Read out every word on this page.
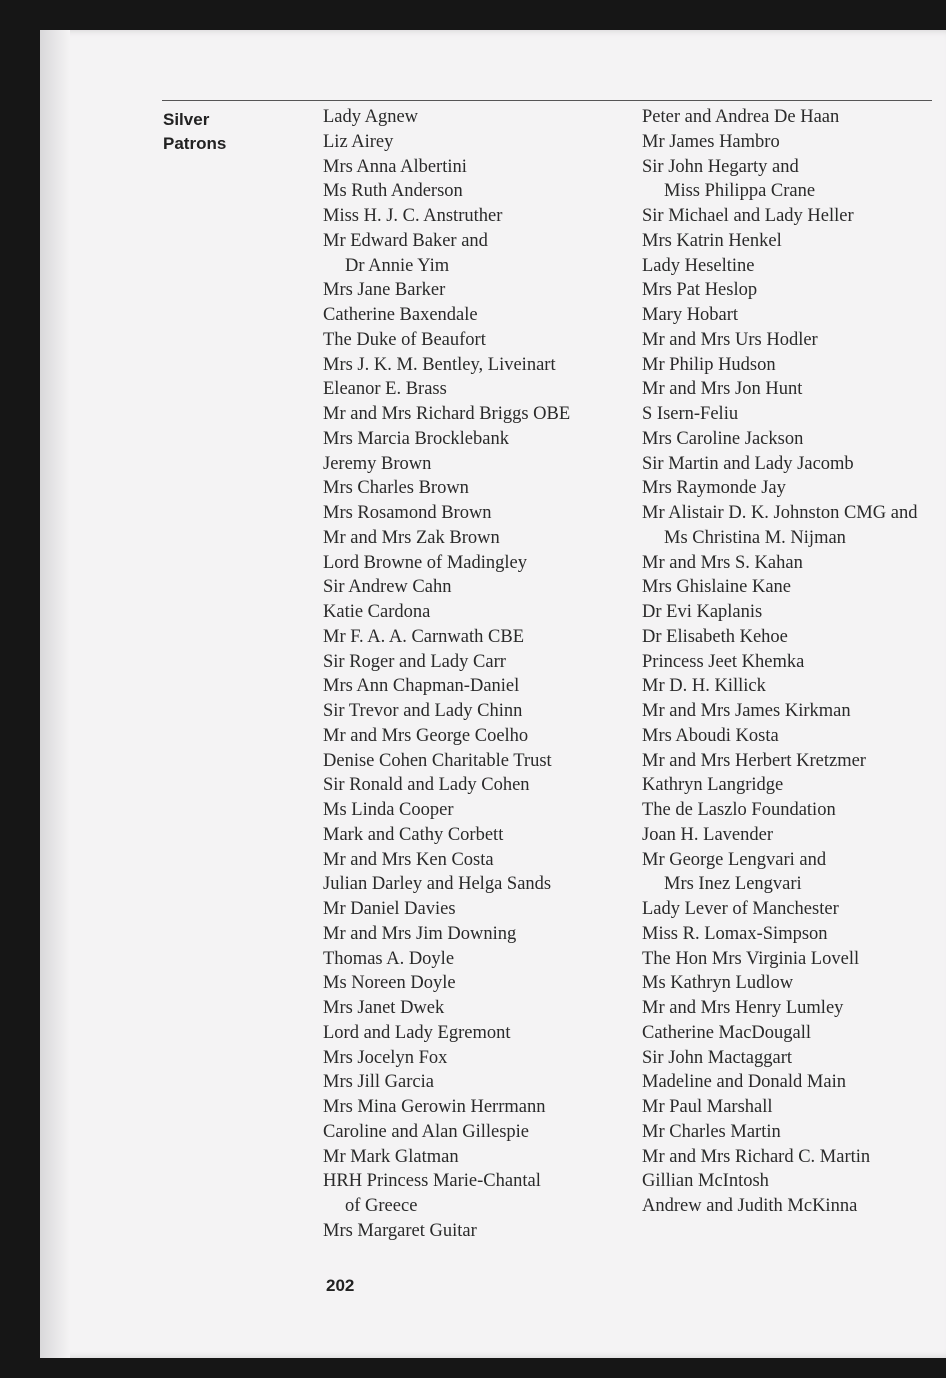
Silver
Patrons
Lady Agnew
Liz Airey
Mrs Anna Albertini
Ms Ruth Anderson
Miss H. J. C. Anstruther
Mr Edward Baker and
Dr Annie Yim
Mrs Jane Barker
Catherine Baxendale
The Duke of Beaufort
Mrs J. K. M. Bentley, Liveinart
Eleanor E. Brass
Mr and Mrs Richard Briggs OBE
Mrs Marcia Brocklebank
Jeremy Brown
Mrs Charles Brown
Mrs Rosamond Brown
Mr and Mrs Zak Brown
Lord Browne of Madingley
Sir Andrew Cahn
Katie Cardona
Mr F. A. A. Carnwath CBE
Sir Roger and Lady Carr
Mrs Ann Chapman-Daniel
Sir Trevor and Lady Chinn
Mr and Mrs George Coelho
Denise Cohen Charitable Trust
Sir Ronald and Lady Cohen
Ms Linda Cooper
Mark and Cathy Corbett
Mr and Mrs Ken Costa
Julian Darley and Helga Sands
Mr Daniel Davies
Mr and Mrs Jim Downing
Thomas A. Doyle
Ms Noreen Doyle
Mrs Janet Dwek
Lord and Lady Egremont
Mrs Jocelyn Fox
Mrs Jill Garcia
Mrs Mina Gerowin Herrmann
Caroline and Alan Gillespie
Mr Mark Glatman
HRH Princess Marie-Chantal
of Greece
Mrs Margaret Guitar
Peter and Andrea De Haan
Mr James Hambro
Sir John Hegarty and
Miss Philippa Crane
Sir Michael and Lady Heller
Mrs Katrin Henkel
Lady Heseltine
Mrs Pat Heslop
Mary Hobart
Mr and Mrs Urs Hodler
Mr Philip Hudson
Mr and Mrs Jon Hunt
S Isern-Feliu
Mrs Caroline Jackson
Sir Martin and Lady Jacomb
Mrs Raymonde Jay
Mr Alistair D. K. Johnston CMG and
Ms Christina M. Nijman
Mr and Mrs S. Kahan
Mrs Ghislaine Kane
Dr Evi Kaplanis
Dr Elisabeth Kehoe
Princess Jeet Khemka
Mr D. H. Killick
Mr and Mrs James Kirkman
Mrs Aboudi Kosta
Mr and Mrs Herbert Kretzmer
Kathryn Langridge
The de Laszlo Foundation
Joan H. Lavender
Mr George Lengvari and
Mrs Inez Lengvari
Lady Lever of Manchester
Miss R. Lomax-Simpson
The Hon Mrs Virginia Lovell
Ms Kathryn Ludlow
Mr and Mrs Henry Lumley
Catherine MacDougall
Sir John Mactaggart
Madeline and Donald Main
Mr Paul Marshall
Mr Charles Martin
Mr and Mrs Richard C. Martin
Gillian McIntosh
Andrew and Judith McKinna
202
